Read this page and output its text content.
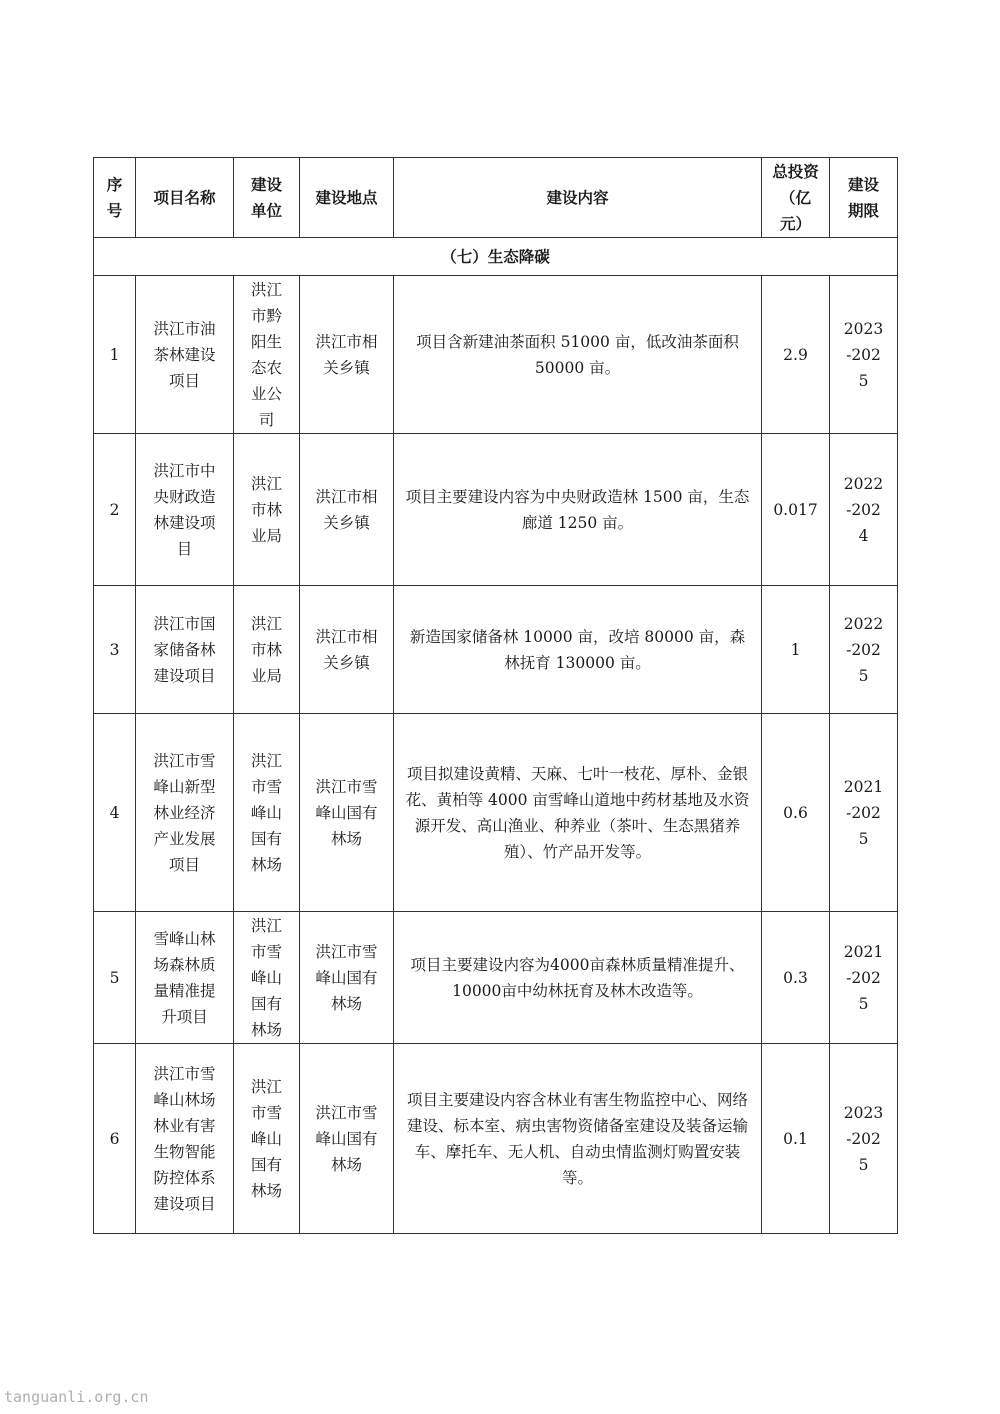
序号	项目名称	建设单位	建设地点	建设内容	总投资（亿元）	建设期限
（七）生态降碳						
1	洪江市油茶林建设项目	洪江市黔阳生态农业公司	洪江市相关乡镇	项目含新建油茶面积 51000 亩，低改油茶面积 50000 亩。	2.9	2023-2025
2	洪江市中央财政造林建设项目	洪江市林业局	洪江市相关乡镇	项目主要建设内容为中央财政造林 1500 亩，生态廊道 1250 亩。	0.017	2022-2024
3	洪江市国家储备林建设项目	洪江市林业局	洪江市相关乡镇	新造国家储备林 10000 亩，改培 80000 亩，森林抚育 130000 亩。	1	2022-2025
4	洪江市雪峰山新型林业经济产业发展项目	洪江市雪峰山国有林场	洪江市雪峰山国有林场	项目拟建设黄精、天麻、七叶一枝花、厚朴、金银花、黄柏等 4000 亩雪峰山道地中药材基地及水资源开发、高山渔业、种养业（茶叶、生态黑猪养殖）、竹产品开发等。	0.6	2021-2025
5	雪峰山林场森林质量精准提升项目	洪江市雪峰山国有林场	洪江市雪峰山国有林场	项目主要建设内容为4000亩森林质量精准提升、10000亩中幼林抚育及林木改造等。	0.3	2021-2025
6	洪江市雪峰山林场林业有害生物智能防控体系建设项目	洪江市雪峰山国有林场	洪江市雪峰山国有林场	项目主要建设内容含林业有害生物监控中心、网络建设、标本室、病虫害物资储备室建设及装备运输车、摩托车、无人机、自动虫情监测灯购置安装等。	0.1	2023-2025
tanguanli.org.cn
